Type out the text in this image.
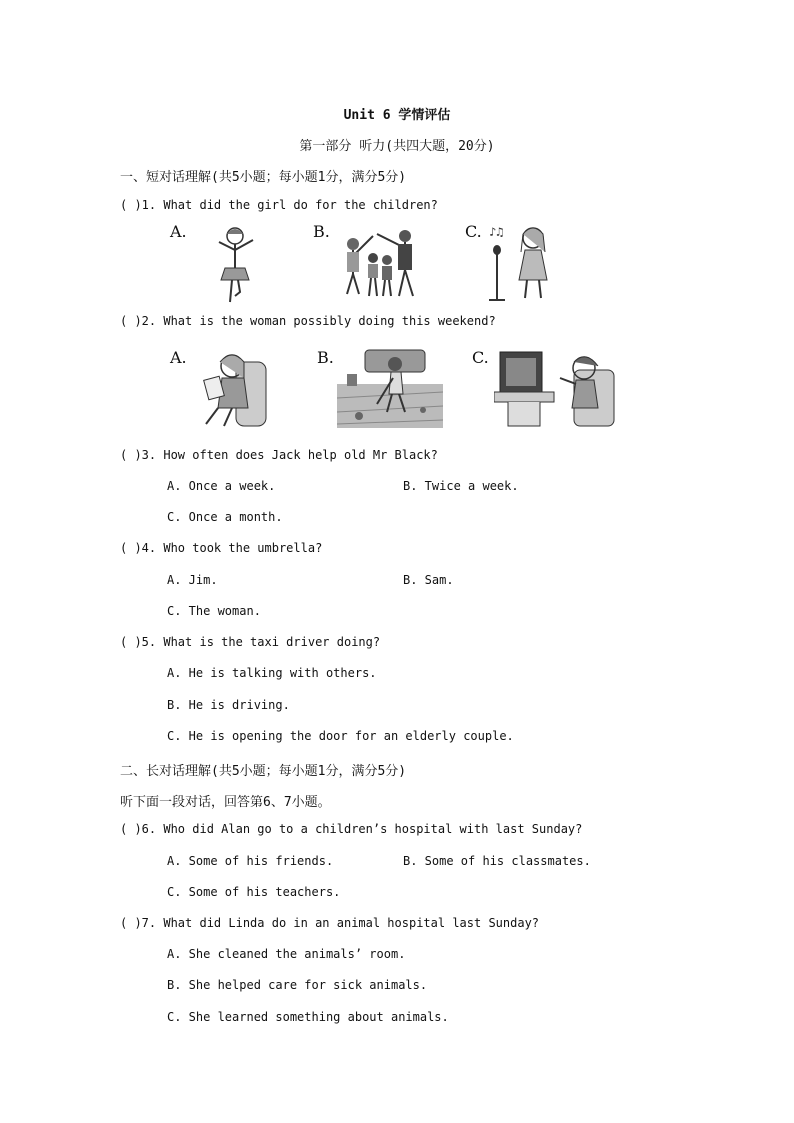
Unit 6 学情评估
第一部分 听力(共四大题，20分)
一、短对话理解(共5小题；每小题1分，满分5分)
( )1. What did the girl do for the children?
A.	B.	C. ♪♫
( )2. What is the woman possibly doing this weekend?
A.	B.	C.
( )3. How often does Jack help old Mr Black?
A. Once a week.	B. Twice a week.
C. Once a month.
( )4. Who took the umbrella?
A. Jim.	B. Sam.
C. The woman.
( )5. What is the taxi driver doing?
A. He is talking with others.
B. He is driving.
C. He is opening the door for an elderly couple.
二、长对话理解(共5小题；每小题1分，满分5分)
听下面一段对话，回答第6、7小题。
( )6. Who did Alan go to a children’s hospital with last Sunday?
A. Some of his friends.	B. Some of his classmates.
C. Some of his teachers.
( )7. What did Linda do in an animal hospital last Sunday?
A. She cleaned the animals’ room.
B. She helped care for sick animals.
C. She learned something about animals.
